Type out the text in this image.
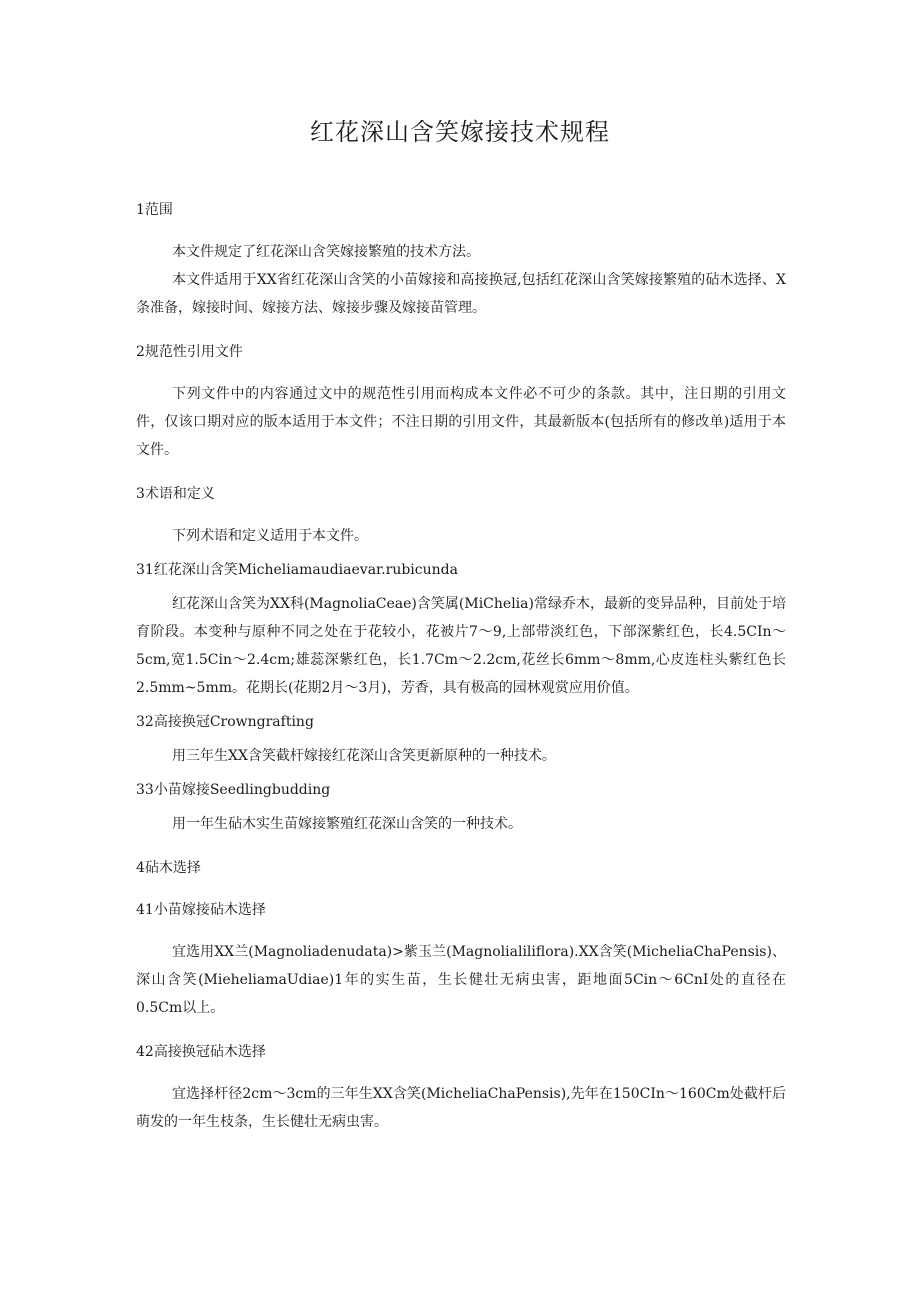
红花深山含笑嫁接技术规程

1范围

本文件规定了红花深山含笑嫁接繁殖的技术方法。

本文件适用于XX省红花深山含笑的小苗嫁接和高接换冠,包括红花深山含笑嫁接繁殖的砧木选择、X条准备，嫁接时间、嫁接方法、嫁接步骤及嫁接苗管理。

2规范性引用文件

下列文件中的内容通过文中的规范性引用而构成本文件必不可少的条款。其中，注日期的引用文件，仅该口期对应的版本适用于本文件；不注日期的引用文件，其最新版本(包括所有的修改单)适用于本文件。

3术语和定义

下列术语和定义适用于本文件。

31红花深山含笑Micheliamaudiaevar.rubicunda

红花深山含笑为XX科(MagnoliaCeae)含笑属(MiChelia)常绿乔木，最新的变异品种，目前处于培育阶段。本变种与原种不同之处在于花较小，花被片7～9,上部带淡红色，下部深紫红色，长4.5CIn～5cm,宽1.5Cin～2.4cm;雄蕊深紫红色，长1.7Cm～2.2cm,花丝长6mm～8mm,心皮连柱头紫红色长2.5mm~5mm。花期长(花期2月～3月)，芳香，具有极高的园林观赏应用价值。

32高接换冠Crowngrafting

用三年生XX含笑截杆嫁接红花深山含笑更新原种的一种技术。

33小苗嫁接Seedlingbudding

用一年生砧木实生苗嫁接繁殖红花深山含笑的一种技术。

4砧木选择

41小苗嫁接砧木选择

宜选用XX兰(Magnoliadenudata)>紫玉兰(Magnolialiliflora).XX含笑(MicheliaChaPensis)、深山含笑(MieheliamaUdiae)1年的实生苗，生长健壮无病虫害，距地面5Cin～6CnI处的直径在0.5Cm以上。

42高接换冠砧木选择

宜选择杆径2cm～3cm的三年生XX含笑(MicheliaChaPensis),先年在150CIn～160Cm处截杆后萌发的一年生枝条，生长健壮无病虫害。
